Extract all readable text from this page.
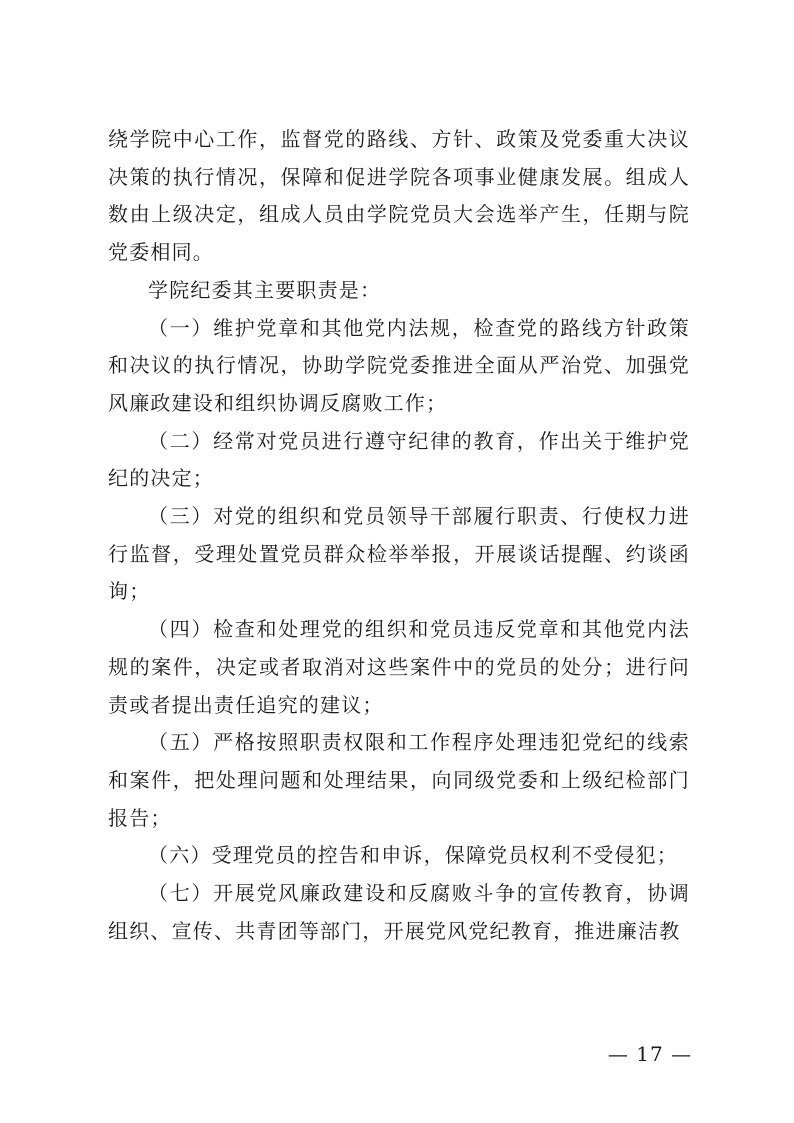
绕学院中心工作，监督党的路线、方针、政策及党委重大决议决策的执行情况，保障和促进学院各项事业健康发展。组成人数由上级决定，组成人员由学院党员大会选举产生，任期与院党委相同。

学院纪委其主要职责是：

（一）维护党章和其他党内法规，检查党的路线方针政策和决议的执行情况，协助学院党委推进全面从严治党、加强党风廉政建设和组织协调反腐败工作；

（二）经常对党员进行遵守纪律的教育，作出关于维护党纪的决定；

（三）对党的组织和党员领导干部履行职责、行使权力进行监督，受理处置党员群众检举举报，开展谈话提醒、约谈函询；

（四）检查和处理党的组织和党员违反党章和其他党内法规的案件，决定或者取消对这些案件中的党员的处分；进行问责或者提出责任追究的建议；

（五）严格按照职责权限和工作程序处理违犯党纪的线索和案件，把处理问题和处理结果，向同级党委和上级纪检部门报告；

（六）受理党员的控告和申诉，保障党员权利不受侵犯；

（七）开展党风廉政建设和反腐败斗争的宣传教育，协调组织、宣传、共青团等部门，开展党风党纪教育，推进廉洁教

— 17 —
